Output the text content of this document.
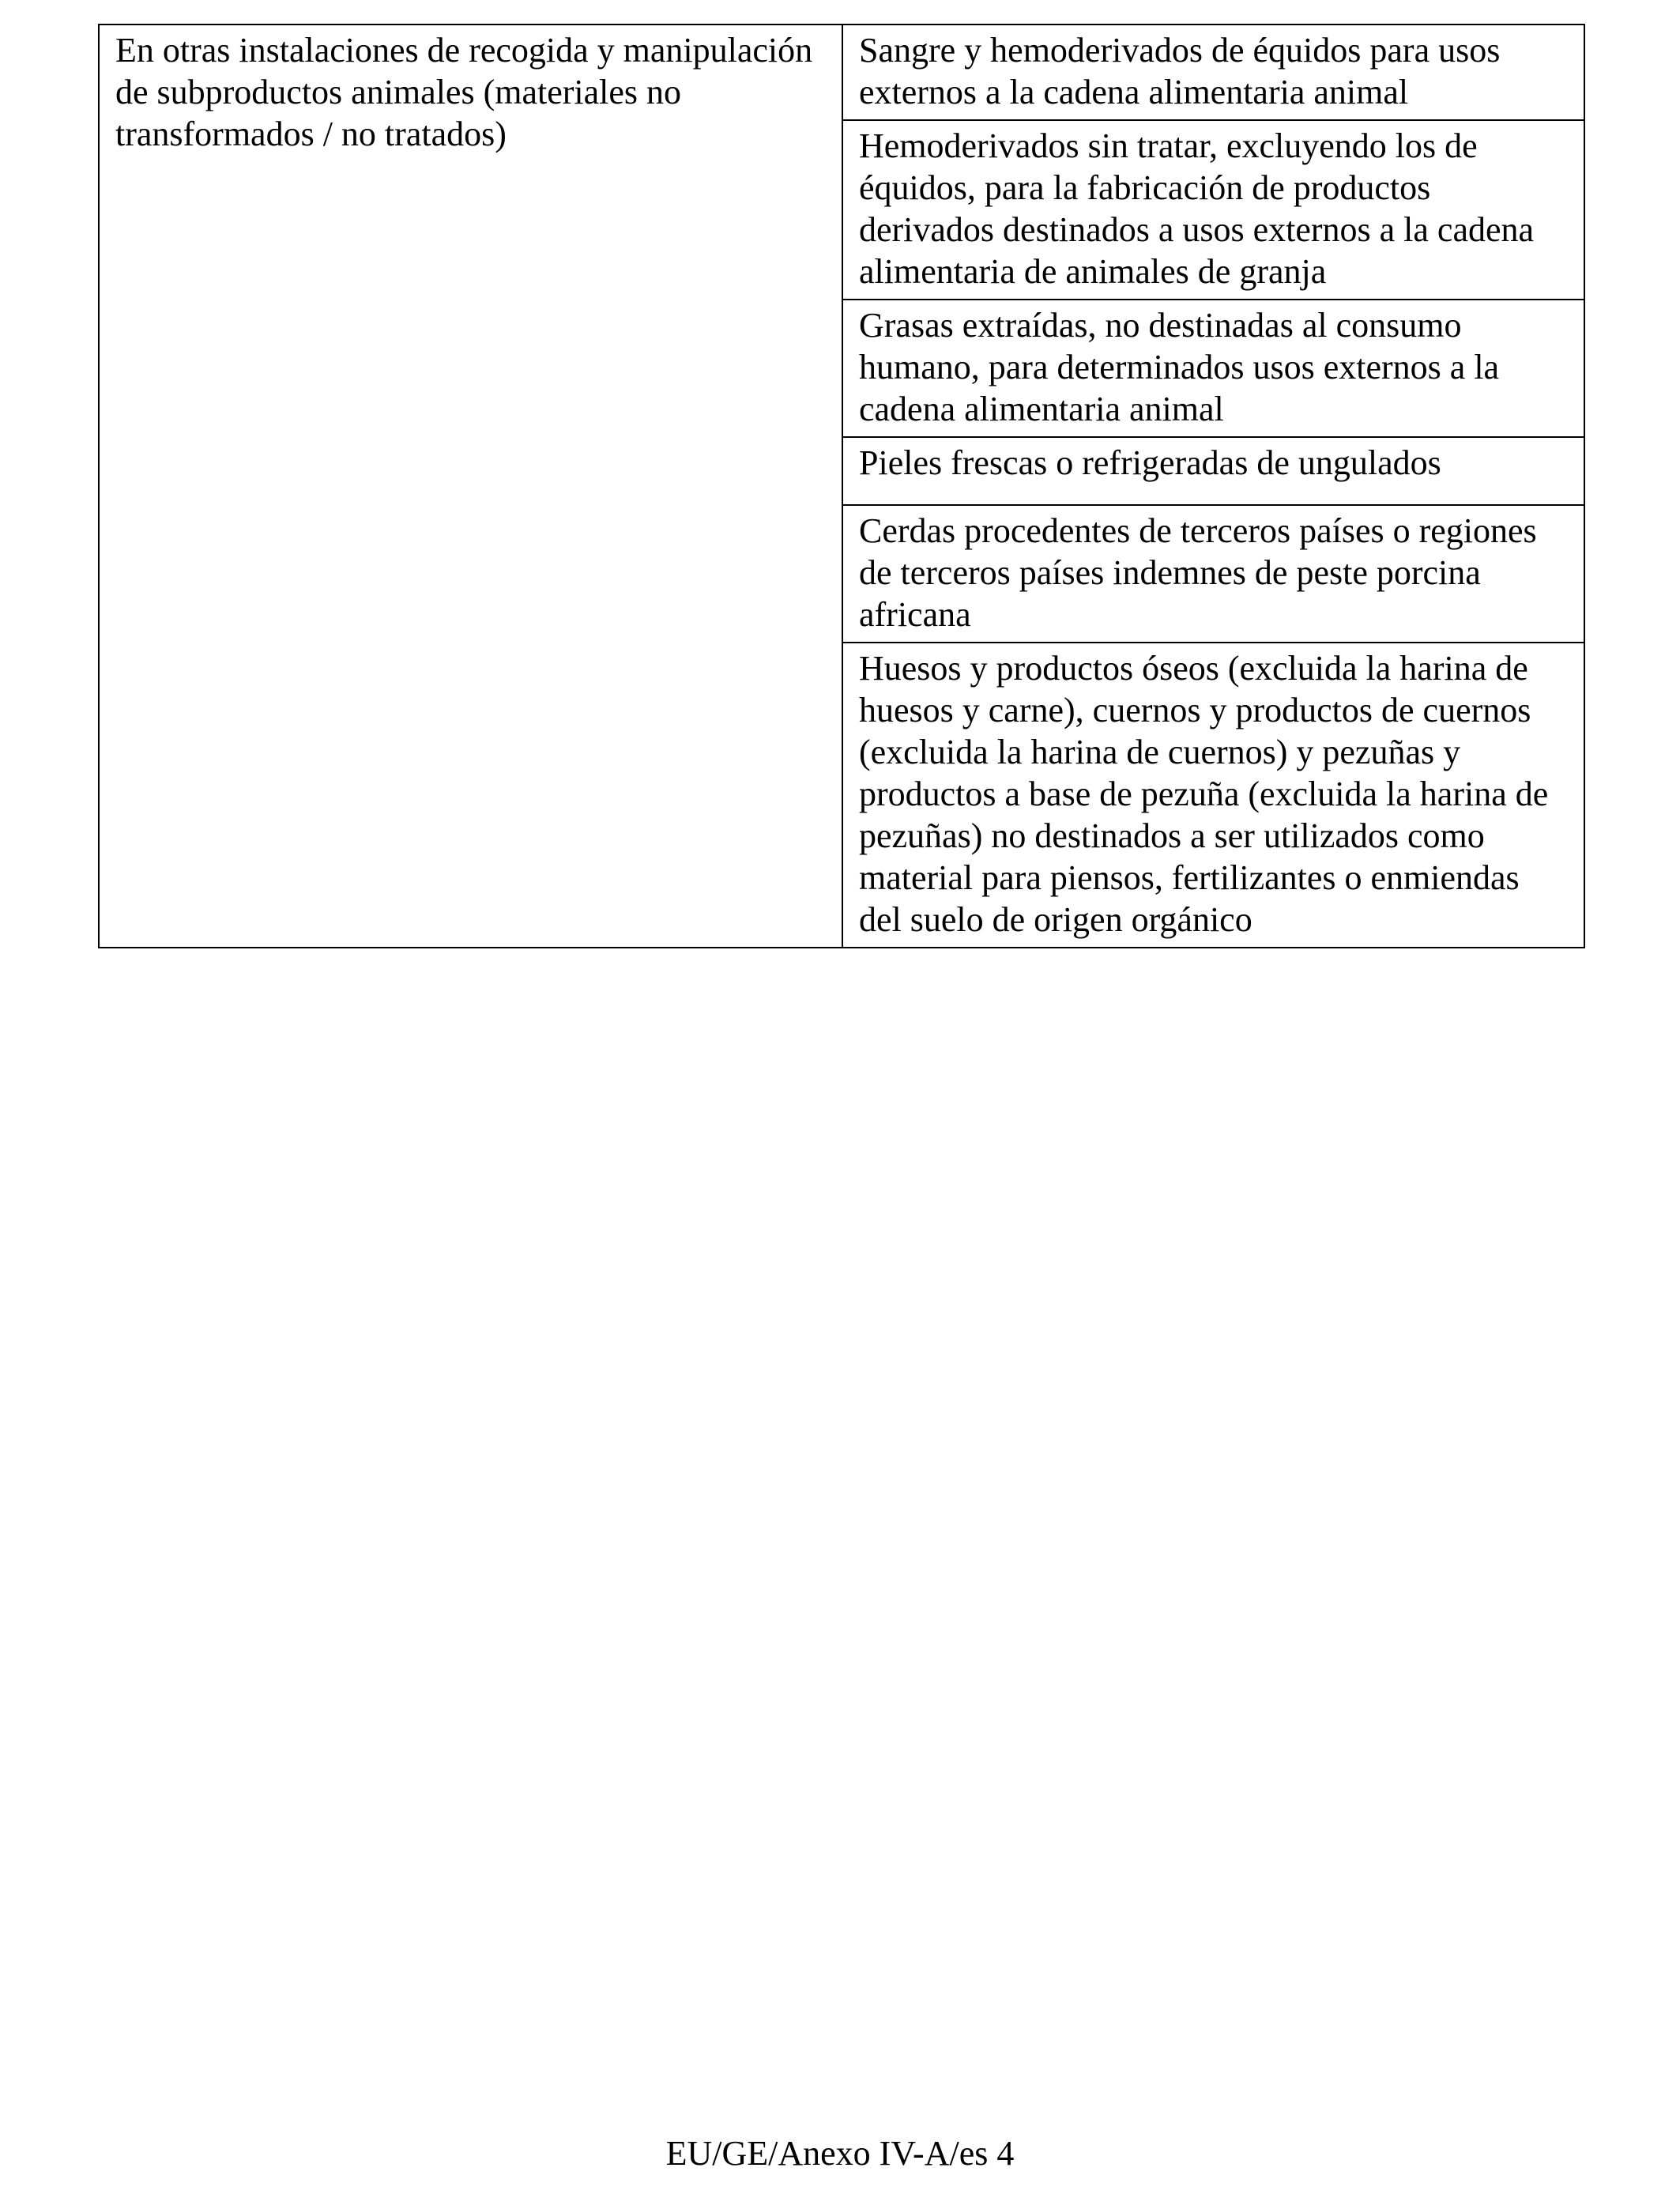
En otras instalaciones de recogida y manipulación de subproductos animales (materiales no transformados / no tratados)	Sangre y hemoderivados de équidos para usos externos a la cadena alimentaria animal
Hemoderivados sin tratar, excluyendo los de équidos, para la fabricación de productos derivados destinados a usos externos a la cadena alimentaria de animales de granja
Grasas extraídas, no destinadas al consumo humano, para determinados usos externos a la cadena alimentaria animal
Pieles frescas o refrigeradas de ungulados
Cerdas procedentes de terceros países o regiones de terceros países indemnes de peste porcina africana
Huesos y productos óseos (excluida la harina de huesos y carne), cuernos y productos de cuernos (excluida la harina de cuernos) y pezuñas y productos a base de pezuña (excluida la harina de pezuñas) no destinados a ser utilizados como material para piensos, fertilizantes o enmiendas del suelo de origen orgánico
EU/GE/Anexo IV-A/es 4
